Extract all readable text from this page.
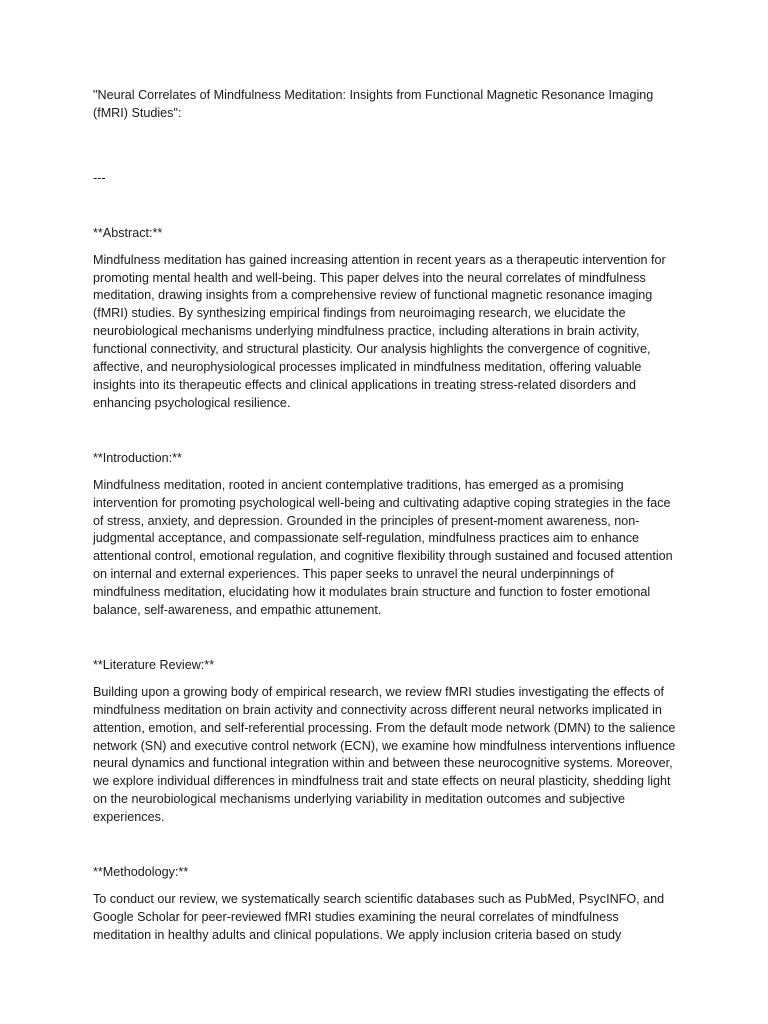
"Neural Correlates of Mindfulness Meditation: Insights from Functional Magnetic Resonance Imaging (fMRI) Studies":

---

**Abstract:**

Mindfulness meditation has gained increasing attention in recent years as a therapeutic intervention for promoting mental health and well-being. This paper delves into the neural correlates of mindfulness meditation, drawing insights from a comprehensive review of functional magnetic resonance imaging (fMRI) studies. By synthesizing empirical findings from neuroimaging research, we elucidate the neurobiological mechanisms underlying mindfulness practice, including alterations in brain activity, functional connectivity, and structural plasticity. Our analysis highlights the convergence of cognitive, affective, and neurophysiological processes implicated in mindfulness meditation, offering valuable insights into its therapeutic effects and clinical applications in treating stress-related disorders and enhancing psychological resilience.

**Introduction:**

Mindfulness meditation, rooted in ancient contemplative traditions, has emerged as a promising intervention for promoting psychological well-being and cultivating adaptive coping strategies in the face of stress, anxiety, and depression. Grounded in the principles of present-moment awareness, non-judgmental acceptance, and compassionate self-regulation, mindfulness practices aim to enhance attentional control, emotional regulation, and cognitive flexibility through sustained and focused attention on internal and external experiences. This paper seeks to unravel the neural underpinnings of mindfulness meditation, elucidating how it modulates brain structure and function to foster emotional balance, self-awareness, and empathic attunement.

**Literature Review:**

Building upon a growing body of empirical research, we review fMRI studies investigating the effects of mindfulness meditation on brain activity and connectivity across different neural networks implicated in attention, emotion, and self-referential processing. From the default mode network (DMN) to the salience network (SN) and executive control network (ECN), we examine how mindfulness interventions influence neural dynamics and functional integration within and between these neurocognitive systems. Moreover, we explore individual differences in mindfulness trait and state effects on neural plasticity, shedding light on the neurobiological mechanisms underlying variability in meditation outcomes and subjective experiences.

**Methodology:**

To conduct our review, we systematically search scientific databases such as PubMed, PsycINFO, and Google Scholar for peer-reviewed fMRI studies examining the neural correlates of mindfulness meditation in healthy adults and clinical populations. We apply inclusion criteria based on study
